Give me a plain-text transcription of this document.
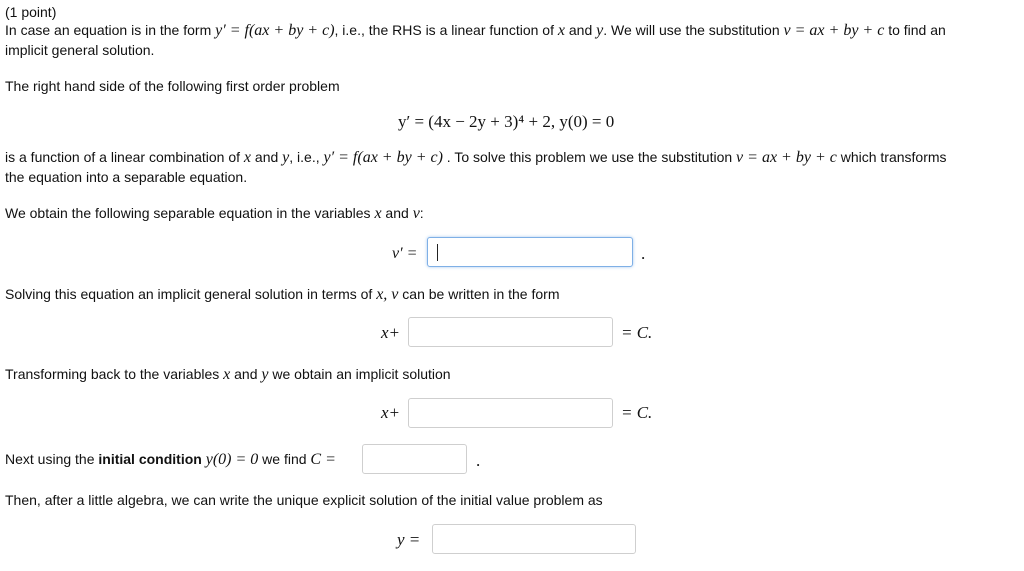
(1 point)
In case an equation is in the form y′ = f(ax + by + c), i.e., the RHS is a linear function of x and y. We will use the substitution v = ax + by + c to find an
implicit general solution.
The right hand side of the following first order problem
y′ = (4x − 2y + 3)⁴ + 2, y(0) = 0
is a function of a linear combination of x and y, i.e., y′ = f(ax + by + c) . To solve this problem we use the substitution v = ax + by + c which transforms
the equation into a separable equation.
We obtain the following separable equation in the variables x and v:
v′ =	.
Solving this equation an implicit general solution in terms of x, v can be written in the form
x+	= C.
Transforming back to the variables x and y we obtain an implicit solution
x+	= C.
Next using the initial condition y(0) = 0 we find C =	.
Then, after a little algebra, we can write the unique explicit solution of the initial value problem as
y =
